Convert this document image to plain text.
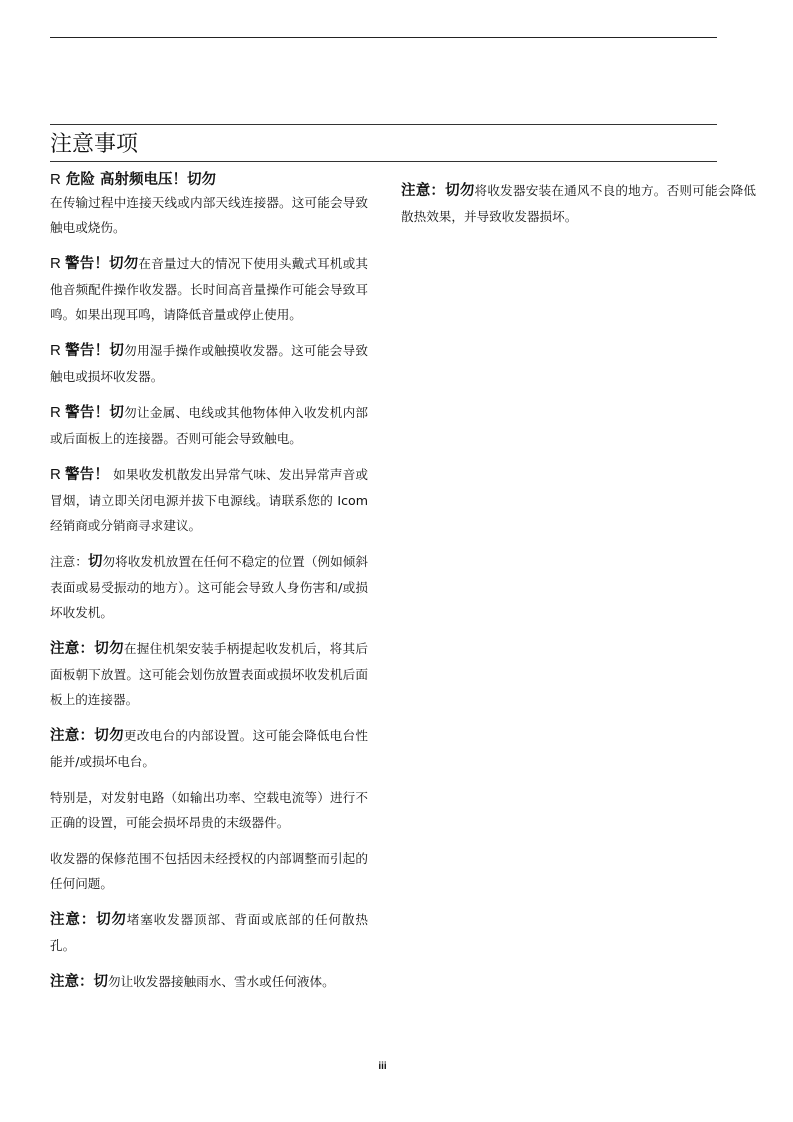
注意事项

R 危险 高射频电压！切勿
在传输过程中连接天线或内部天线连接器。这可能会导致触电或烧伤。

R 警告！切勿在音量过大的情况下使用头戴式耳机或其他音频配件操作收发器。长时间高音量操作可能会导致耳鸣。如果出现耳鸣，请降低音量或停止使用。

R 警告！切勿用湿手操作或触摸收发器。这可能会导致触电或损坏收发器。

R 警告！切勿让金属、电线或其他物体伸入收发机内部或后面板上的连接器。否则可能会导致触电。

R 警告！ 如果收发机散发出异常气味、发出异常声音或冒烟，请立即关闭电源并拔下电源线。请联系您的 Icom 经销商或分销商寻求建议。

注意：切勿将收发机放置在任何不稳定的位置（例如倾斜表面或易受振动的地方）。这可能会导致人身伤害和/或损坏收发机。

注意：切勿在握住机架安装手柄提起收发机后，将其后面板朝下放置。这可能会划伤放置表面或损坏收发机后面板上的连接器。

注意：切勿更改电台的内部设置。这可能会降低电台性能并/或损坏电台。

特别是，对发射电路（如输出功率、空载电流等）进行不正确的设置，可能会损坏昂贵的末级器件。

收发器的保修范围不包括因未经授权的内部调整而引起的任何问题。

注意：切勿堵塞收发器顶部、背面或底部的任何散热孔。

注意：切勿让收发器接触雨水、雪水或任何液体。

注意：切勿将收发器安装在通风不良的地方。否则可能会降低散热效果，并导致收发器损坏。

iii
